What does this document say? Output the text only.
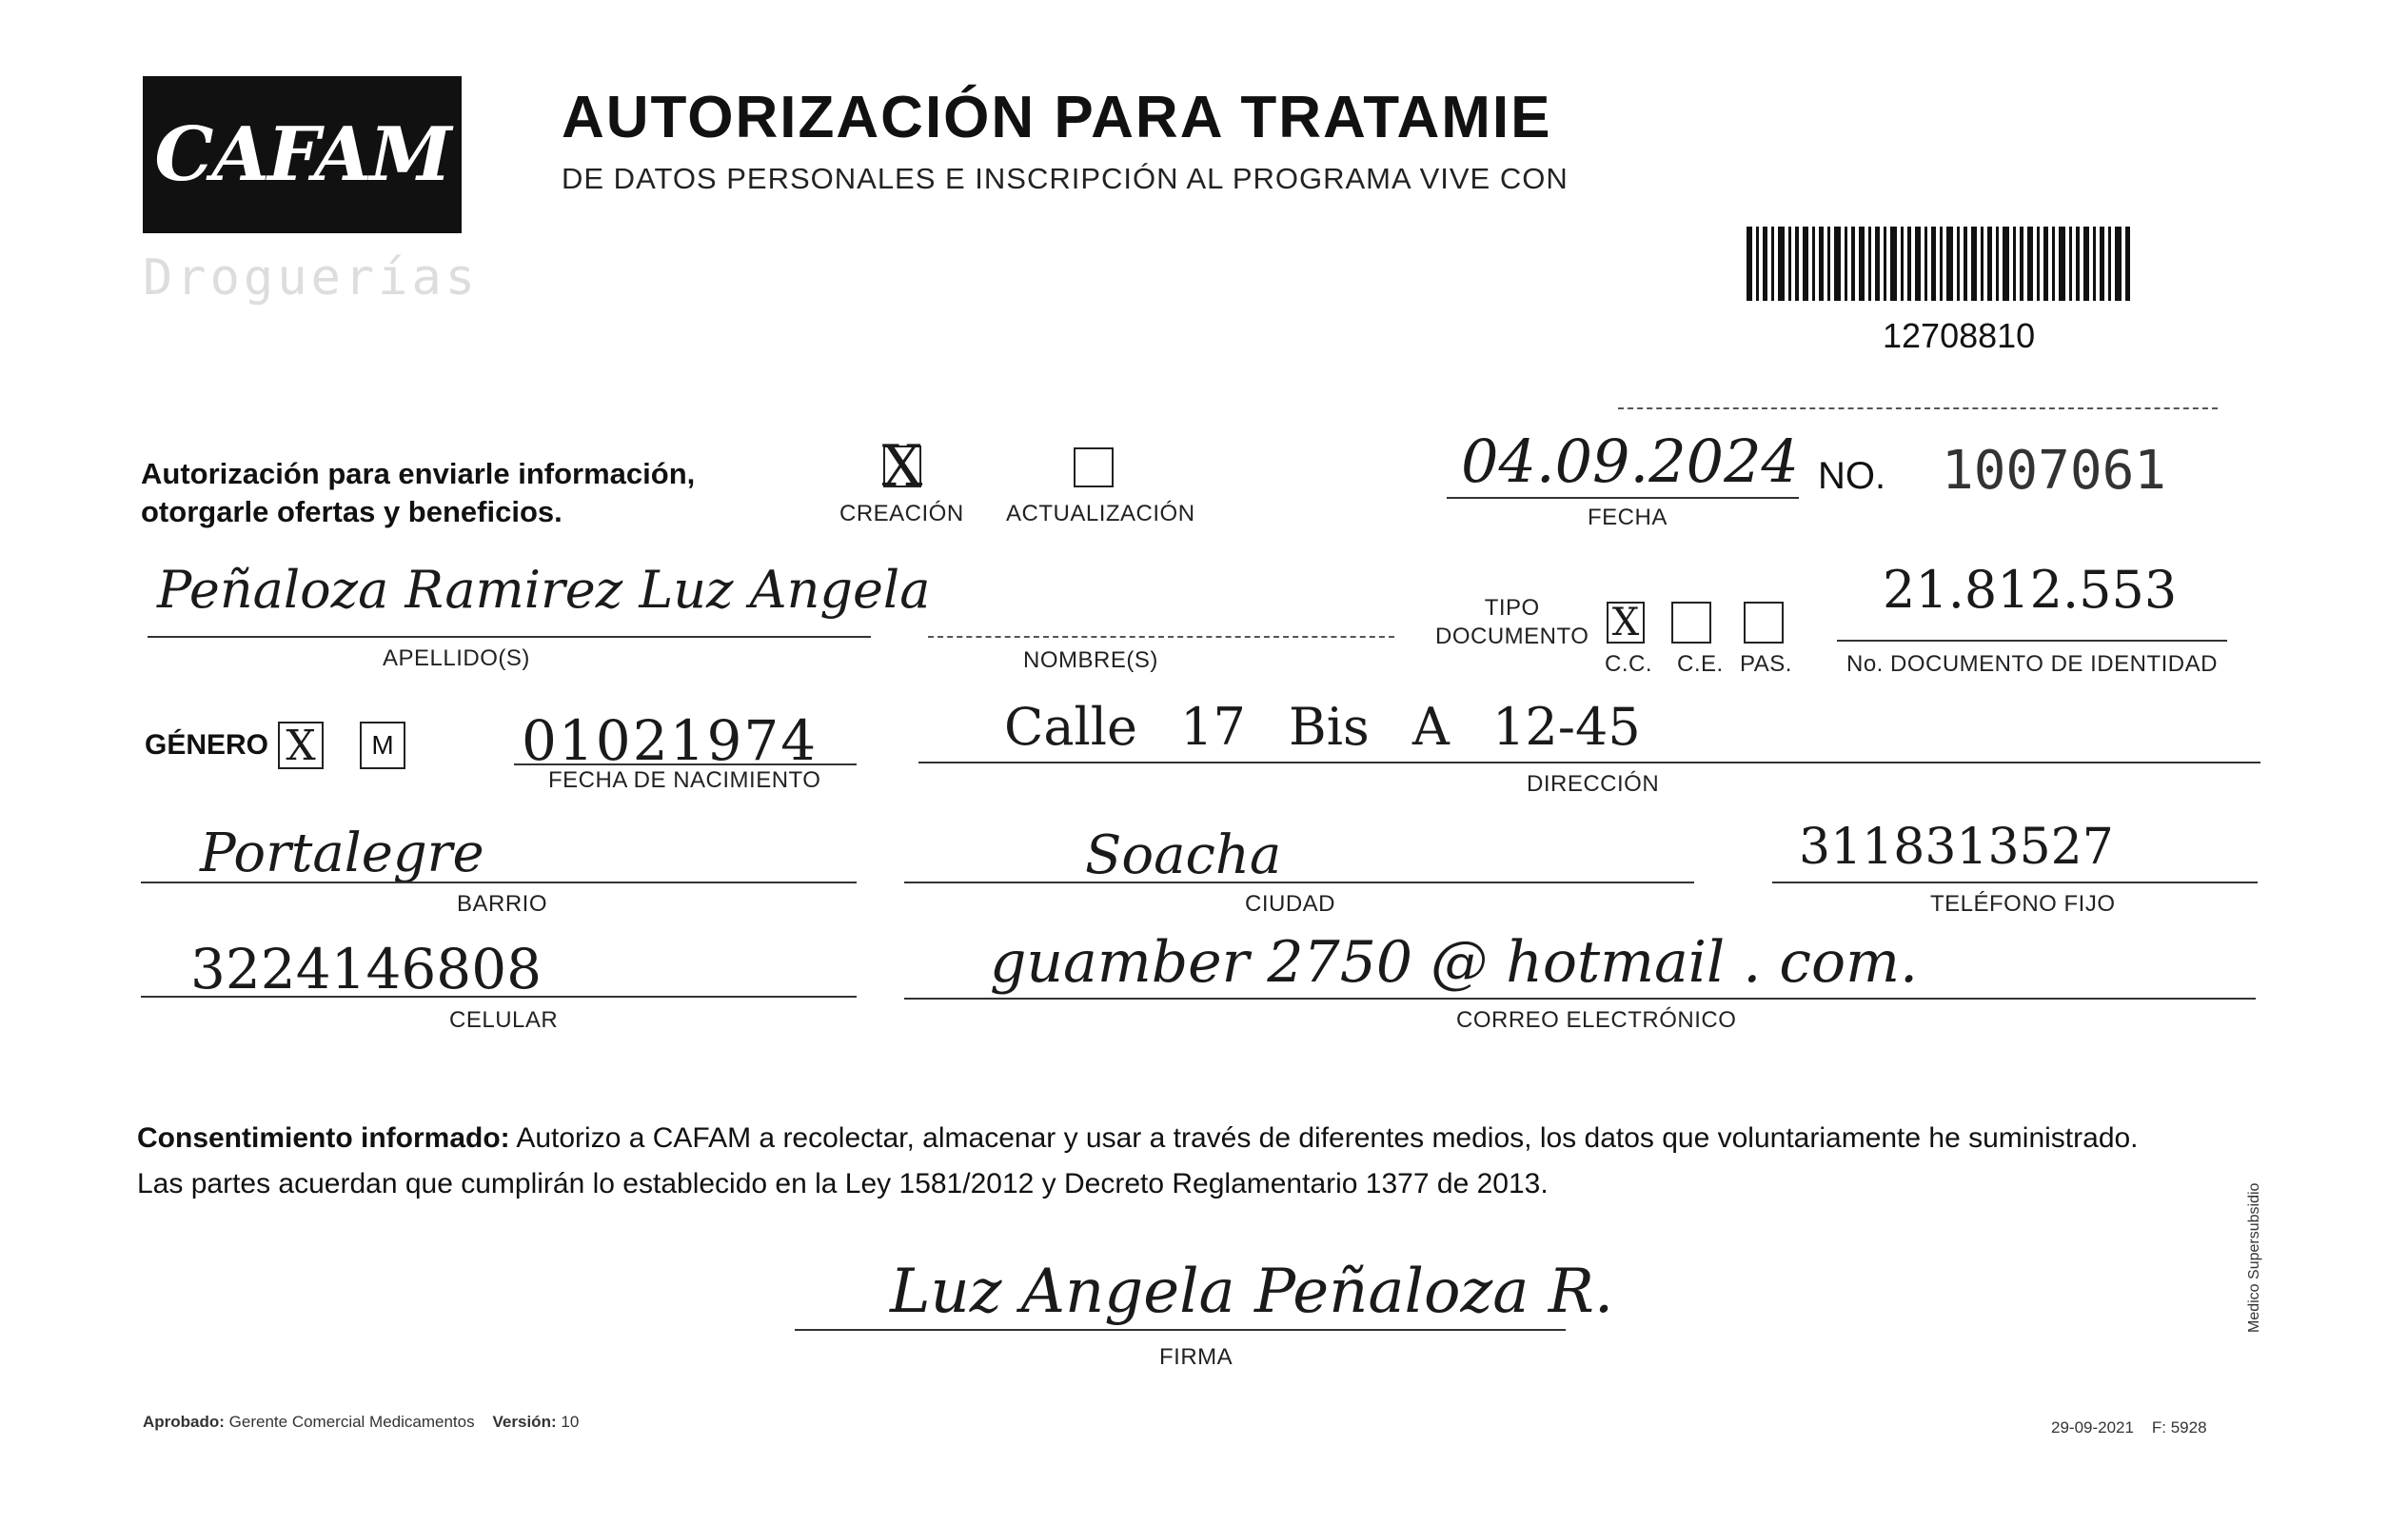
CAFAM
Droguerías
AUTORIZACIÓN PARA TRATAMIE
DE DATOS PERSONALES E INSCRIPCIÓN AL PROGRAMA VIVE CON
12708810
Autorización para enviarle información,
otorgarle ofertas y beneficios.
X
CREACIÓN ACTUALIZACIÓN
04.09.2024
FECHA
NO. 1007061
Peñaloza Ramirez Luz Angela
APELLIDO(S)	NOMBRE(S)
TIPO
DOCUMENTO X
C.C. C.E. PAS.
21.812.553
No. DOCUMENTO DE IDENTIDAD
GÉNERO X M 01021974
FECHA DE NACIMIENTO
Calle 17 Bis A 12-45
DIRECCIÓN
Portalegre
BARRIO
Soacha
CIUDAD
3118313527
TELÉFONO FIJO
3224146808
CELULAR
guamber 2750 @ hotmail . com.
CORREO ELECTRÓNICO
Consentimiento informado: Autorizo a CAFAM a recolectar, almacenar y usar a través de diferentes medios, los datos que voluntariamente he suministrado.
Las partes acuerdan que cumplirán lo establecido en la Ley 1581/2012 y Decreto Reglamentario 1377 de 2013.
Luz Angela Peñaloza R.
FIRMA
Aprobado: Gerente Comercial Medicamentos Versión: 10	29-09-2021 F: 5928
Medico Supersubsidio
